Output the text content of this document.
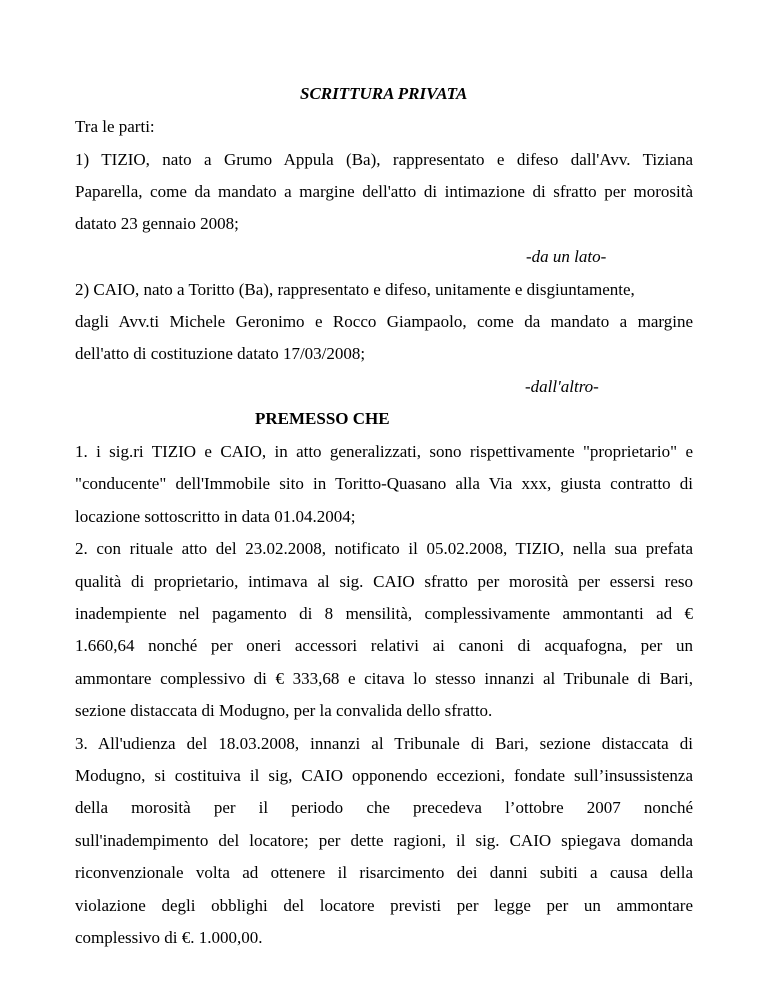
SCRITTURA PRIVATA
Tra le parti:
1) TIZIO, nato a Grumo Appula (Ba), rappresentato e difeso dall'Avv. Tiziana
Paparella, come da mandato a margine dell'atto di intimazione di sfratto per morosità
datato 23 gennaio 2008;
-da un lato-
2) CAIO, nato a Toritto (Ba), rappresentato e difeso, unitamente e disgiuntamente,
dagli Avv.ti Michele Geronimo e Rocco Giampaolo, come da mandato a margine
dell'atto di costituzione datato 17/03/2008;
-dall'altro-
PREMESSO CHE
1. i sig.ri TIZIO e CAIO, in atto generalizzati, sono rispettivamente "proprietario" e
"conducente" dell'Immobile sito in Toritto-Quasano alla Via xxx, giusta contratto di
locazione sottoscritto in data 01.04.2004;
2. con rituale atto del 23.02.2008, notificato il 05.02.2008, TIZIO, nella sua prefata
qualità di proprietario, intimava al sig. CAIO sfratto per morosità per essersi reso
inadempiente nel pagamento di 8 mensilità, complessivamente ammontanti ad €
1.660,64 nonché per oneri accessori relativi ai canoni di acquafogna, per un
ammontare complessivo di € 333,68 e citava lo stesso innanzi al Tribunale di Bari,
sezione distaccata di Modugno, per la convalida dello sfratto.
3. All'udienza del 18.03.2008, innanzi al Tribunale di Bari, sezione distaccata di
Modugno, si costituiva il sig, CAIO opponendo eccezioni, fondate sull’insussistenza
della morosità per il periodo che precedeva l’ottobre 2007 nonché
sull'inadempimento del locatore; per dette ragioni, il sig. CAIO spiegava domanda
riconvenzionale volta ad ottenere il risarcimento dei danni subiti a causa della
violazione degli obblighi del locatore previsti per legge per un ammontare
complessivo di €. 1.000,00.
